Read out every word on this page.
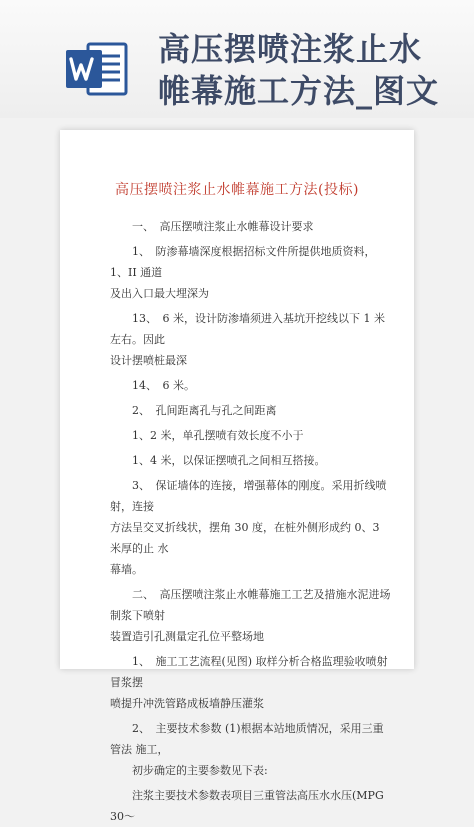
高压摆喷注浆止水
帷幕施工方法_图文
高压摆喷注浆止水帷幕施工方法(投标)

一、　高压摆喷注浆止水帷幕设计要求

1、　防渗幕墙深度根据招标文件所提供地质资料，1、II 通道

及出入口最大埋深为

13、　6 米，设计防渗墙须进入基坑开挖线以下 1 米左右。因此

设计摆喷桩最深

14、　6 米。

2、　孔间距离孔与孔之间距离

1、2 米，单孔摆喷有效长度不小于

1、4 米，以保证摆喷孔之间相互搭接。

3、　保证墙体的连接，增强幕体的刚度。采用折线喷射，连接

方法呈交叉折线状，摆角 30 度，在桩外侧形成约 0、3 米厚的止 水

幕墙。

二、　高压摆喷注浆止水帷幕施工工艺及措施水泥进场制浆下喷射

装置造引孔测量定孔位平整场地

1、　施工工艺流程(见图) 取样分析合格监理验收喷射冒浆摆

喷提升冲洗管路成板墙静压灌浆

2、　主要技术参数 (1)根据本站地质情况，采用三重管法 施工，

初步确定的主要参数见下表:

注浆主要技术参数表项目三重管法高压水水压(MPG 30～
